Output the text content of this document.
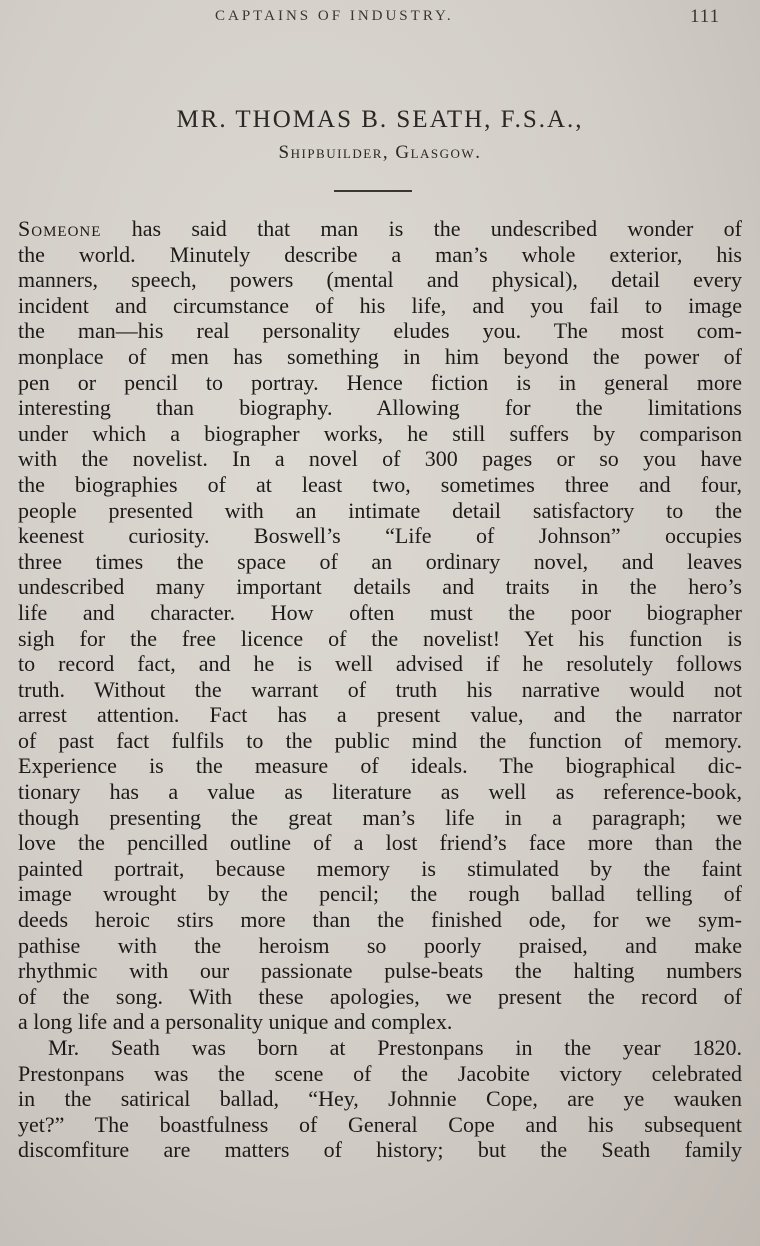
CAPTAINS OF INDUSTRY.	111
MR. THOMAS B. SEATH, F.S.A.,
Shipbuilder, Glasgow.
Someone has said that man is the undescribed wonder of
the world. Minutely describe a man’s whole exterior, his
manners, speech, powers (mental and physical), detail every
incident and circumstance of his life, and you fail to image
the man—his real personality eludes you. The most com-
monplace of men has something in him beyond the power of
pen or pencil to portray. Hence fiction is in general more
interesting than biography. Allowing for the limitations
under which a biographer works, he still suffers by comparison
with the novelist. In a novel of 300 pages or so you have
the biographies of at least two, sometimes three and four,
people presented with an intimate detail satisfactory to the
keenest curiosity. Boswell’s “Life of Johnson” occupies
three times the space of an ordinary novel, and leaves
undescribed many important details and traits in the hero’s
life and character. How often must the poor biographer
sigh for the free licence of the novelist! Yet his function is
to record fact, and he is well advised if he resolutely follows
truth. Without the warrant of truth his narrative would not
arrest attention. Fact has a present value, and the narrator
of past fact fulfils to the public mind the function of memory.
Experience is the measure of ideals. The biographical dic-
tionary has a value as literature as well as reference-book,
though presenting the great man’s life in a paragraph; we
love the pencilled outline of a lost friend’s face more than the
painted portrait, because memory is stimulated by the faint
image wrought by the pencil; the rough ballad telling of
deeds heroic stirs more than the finished ode, for we sym-
pathise with the heroism so poorly praised, and make
rhythmic with our passionate pulse-beats the halting numbers
of the song. With these apologies, we present the record of
a long life and a personality unique and complex.
Mr. Seath was born at Prestonpans in the year 1820.
Prestonpans was the scene of the Jacobite victory celebrated
in the satirical ballad, “Hey, Johnnie Cope, are ye wauken
yet?” The boastfulness of General Cope and his subsequent
discomfiture are matters of history; but the Seath family
